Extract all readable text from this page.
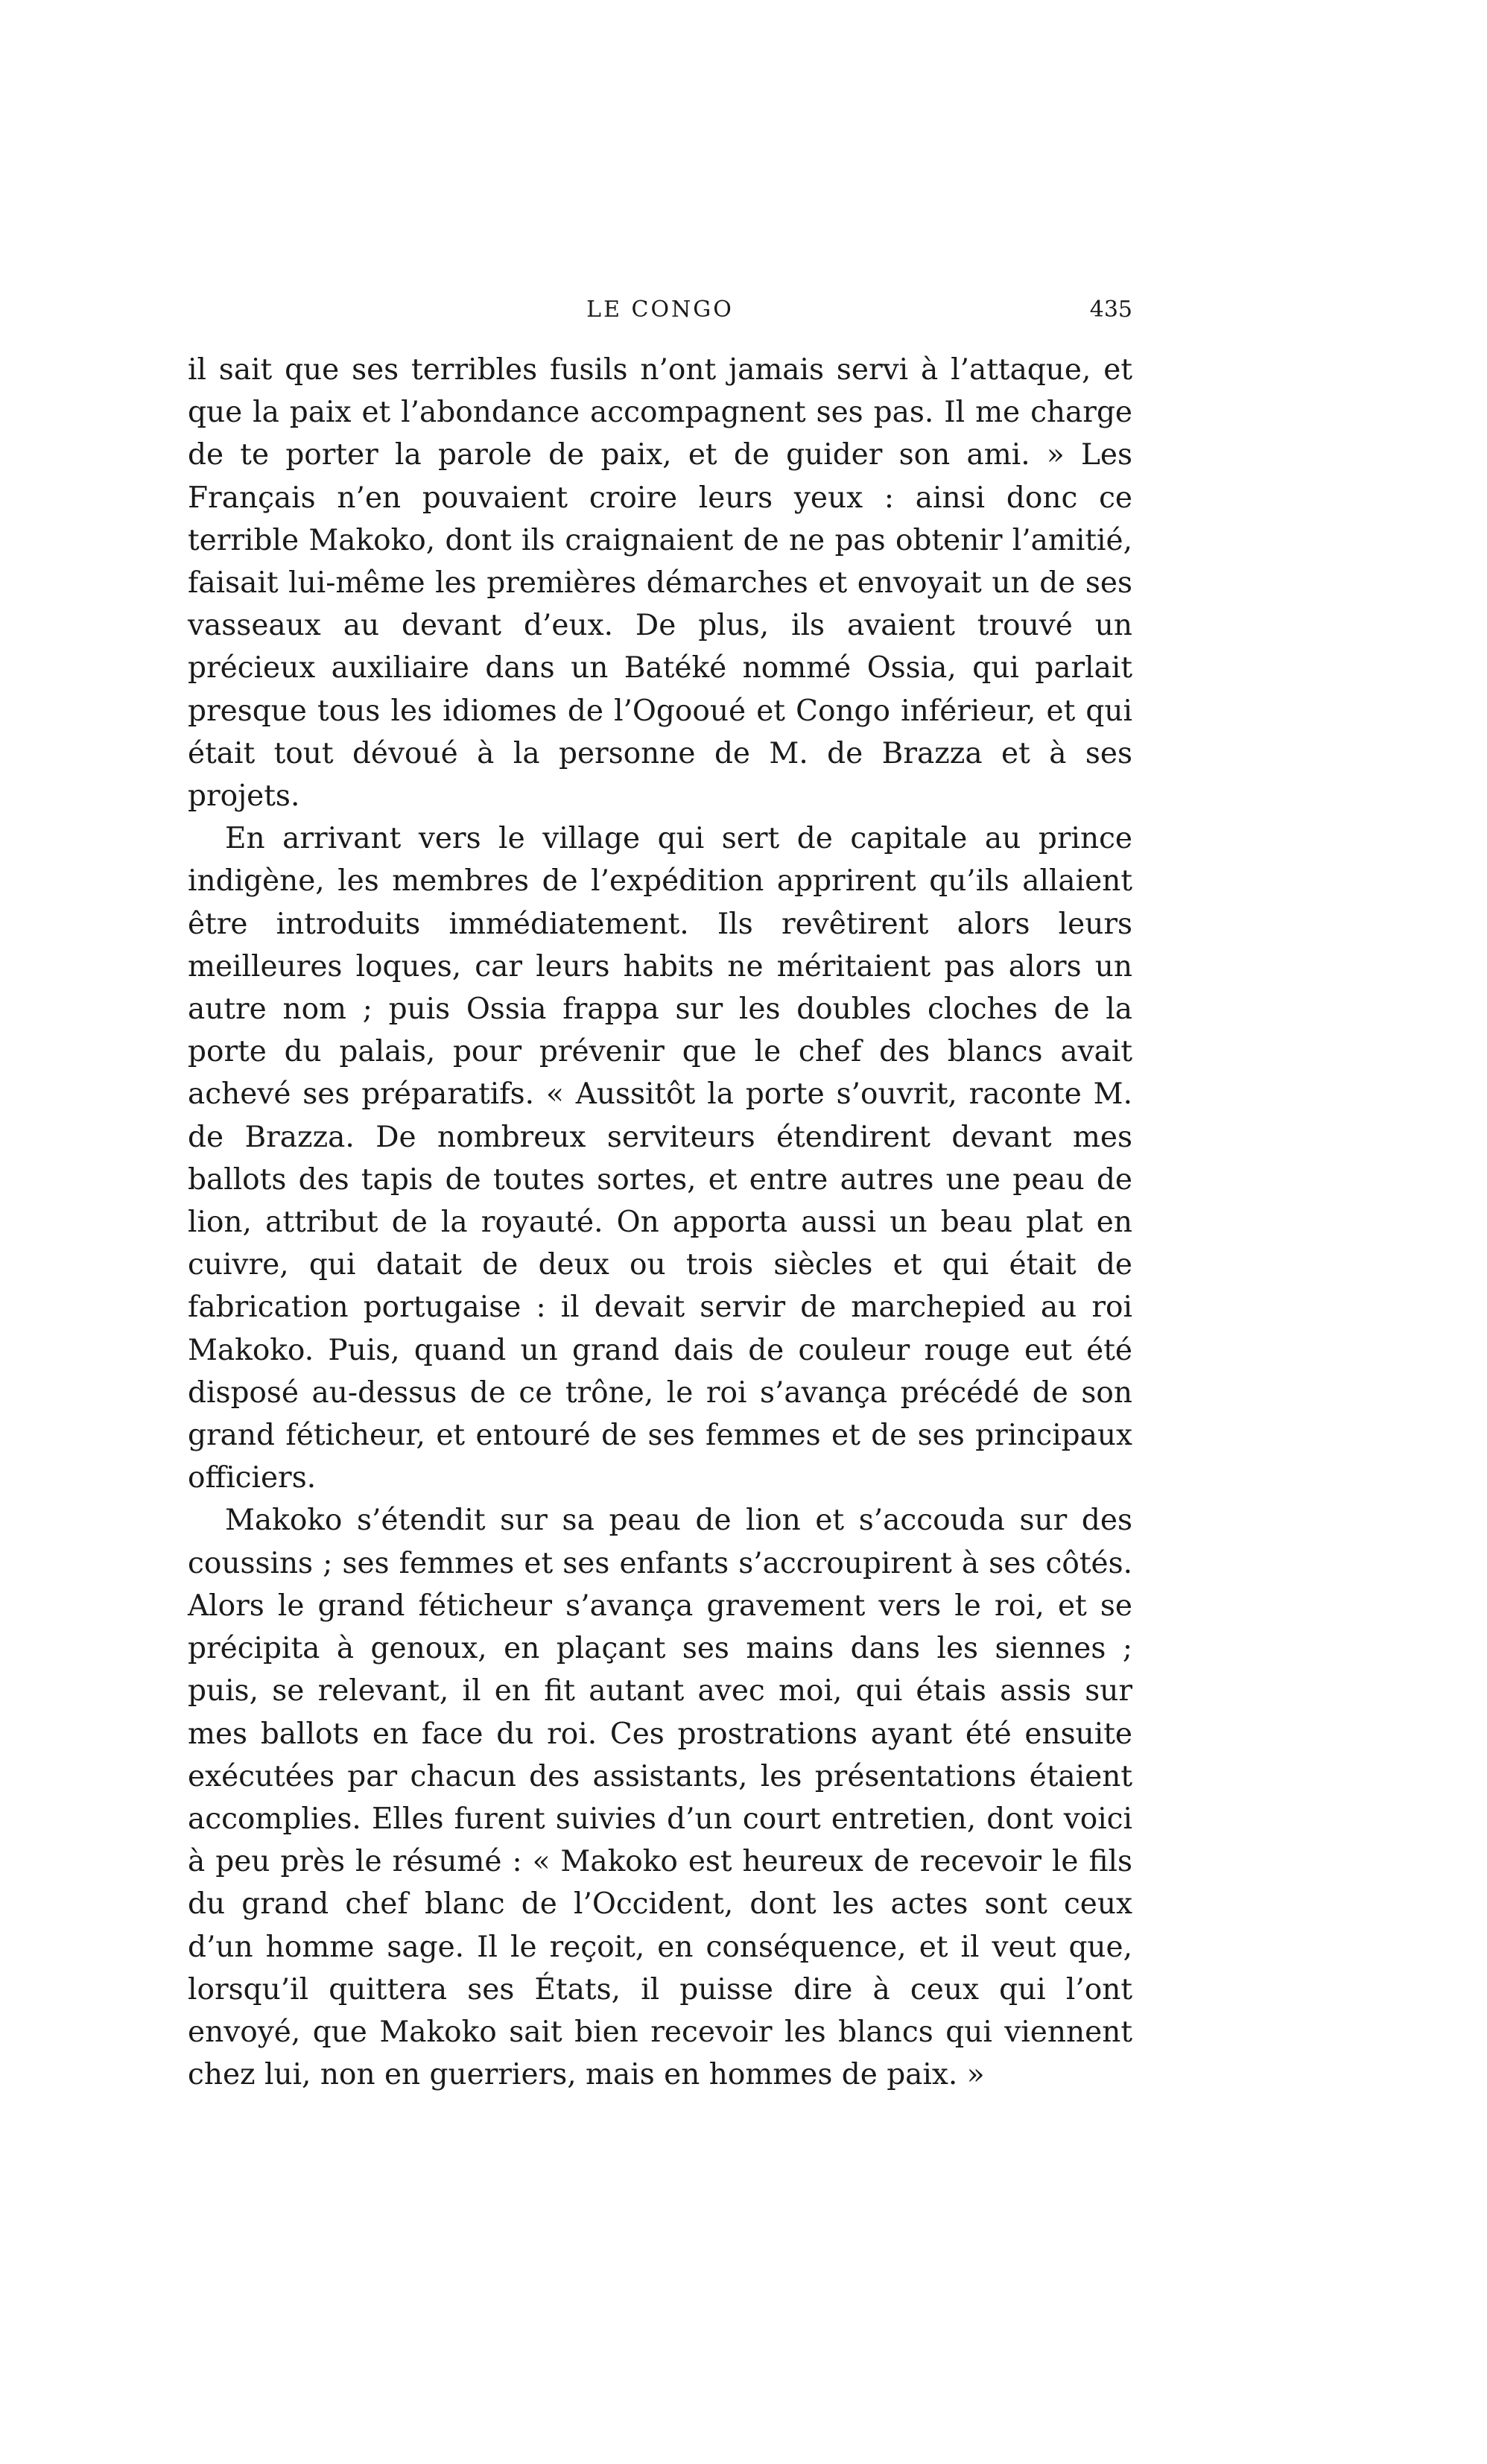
LE CONGO	435

il sait que ses terribles fusils n’ont jamais servi à l’attaque, et que la paix et l’abondance accompagnent ses pas. Il me charge de te porter la parole de paix, et de guider son ami. » Les Français n’en pouvaient croire leurs yeux : ainsi donc ce terrible Makoko, dont ils craignaient de ne pas obtenir l’amitié, faisait lui-même les premières démarches et envoyait un de ses vasseaux au devant d’eux. De plus, ils avaient trouvé un précieux auxiliaire dans un Batéké nommé Ossia, qui parlait presque tous les idiomes de l’Ogooué et Congo inférieur, et qui était tout dévoué à la personne de M. de Brazza et à ses projets.

En arrivant vers le village qui sert de capitale au prince indigène, les membres de l’expédition apprirent qu’ils allaient être introduits immédiatement. Ils revêtirent alors leurs meilleures loques, car leurs habits ne méritaient pas alors un autre nom ; puis Ossia frappa sur les doubles cloches de la porte du palais, pour prévenir que le chef des blancs avait achevé ses préparatifs. « Aussitôt la porte s’ouvrit, raconte M. de Brazza. De nombreux serviteurs étendirent devant mes ballots des tapis de toutes sortes, et entre autres une peau de lion, attribut de la royauté. On apporta aussi un beau plat en cuivre, qui datait de deux ou trois siècles et qui était de fabrication portugaise : il devait servir de marchepied au roi Makoko. Puis, quand un grand dais de couleur rouge eut été disposé au-dessus de ce trône, le roi s’avança précédé de son grand féticheur, et entouré de ses femmes et de ses principaux officiers.

Makoko s’étendit sur sa peau de lion et s’accouda sur des coussins ; ses femmes et ses enfants s’accroupirent à ses côtés. Alors le grand féticheur s’avança gravement vers le roi, et se précipita à genoux, en plaçant ses mains dans les siennes ; puis, se relevant, il en fit autant avec moi, qui étais assis sur mes ballots en face du roi. Ces prostrations ayant été ensuite exécutées par chacun des assistants, les présentations étaient accomplies. Elles furent suivies d’un court entretien, dont voici à peu près le résumé : « Makoko est heureux de recevoir le fils du grand chef blanc de l’Occident, dont les actes sont ceux d’un homme sage. Il le reçoit, en conséquence, et il veut que, lorsqu’il quittera ses États, il puisse dire à ceux qui l’ont envoyé, que Makoko sait bien recevoir les blancs qui viennent chez lui, non en guerriers, mais en hommes de paix. »
